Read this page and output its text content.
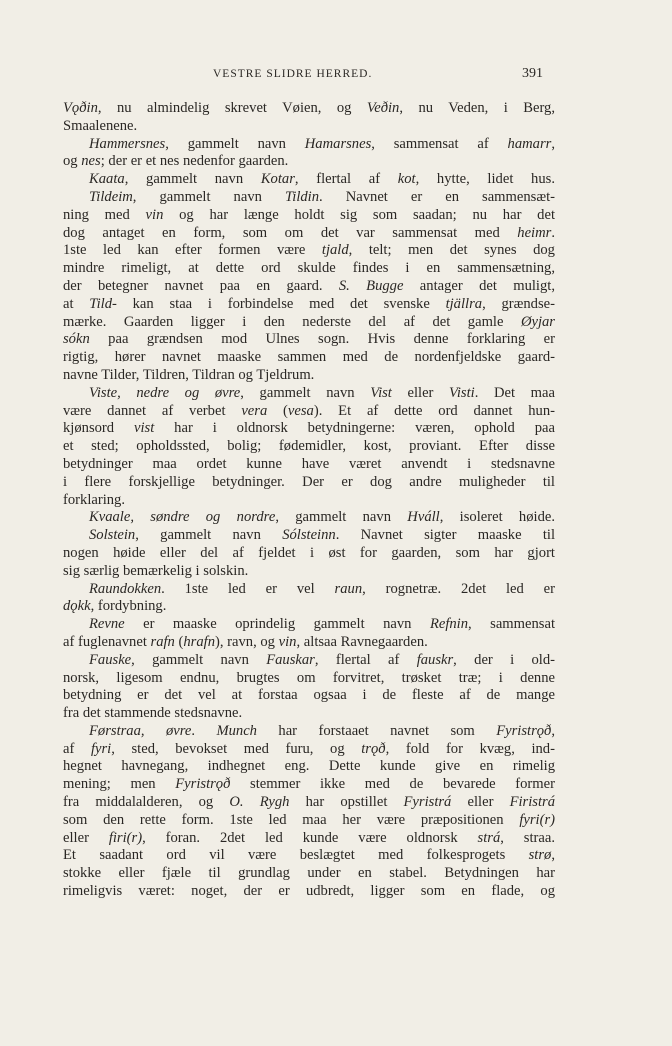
VESTRE SLIDRE HERRED.	391
Vǫðin, nu almindelig skrevet Vøien, og Veðin, nu Veden, i Berg,
Smaalenene.
Hammersnes, gammelt navn Hamarsnes, sammensat af hamarr,
og nes; der er et nes nedenfor gaarden.
Kaata, gammelt navn Kotar, flertal af kot, hytte, lidet hus.
Tildeim, gammelt navn Tildin. Navnet er en sammensæt-
ning med vin og har længe holdt sig som saadan; nu har det
dog antaget en form, som om det var sammensat med heimr.
1ste led kan efter formen være tjald, telt; men det synes dog
mindre rimeligt, at dette ord skulde findes i en sammensætning,
der betegner navnet paa en gaard. S. Bugge antager det muligt,
at Tild- kan staa i forbindelse med det svenske tjällra, grændse-
mærke. Gaarden ligger i den nederste del af det gamle Øyjar
sókn paa grændsen mod Ulnes sogn. Hvis denne forklaring er
rigtig, hører navnet maaske sammen med de nordenfjeldske gaard-
navne Tilder, Tildren, Tildran og Tjeldrum.
Viste, nedre og øvre, gammelt navn Vist eller Visti. Det maa
være dannet af verbet vera (vesa). Et af dette ord dannet hun-
kjønsord vist har i oldnorsk betydningerne: væren, ophold paa
et sted; opholdssted, bolig; fødemidler, kost, proviant. Efter disse
betydninger maa ordet kunne have været anvendt i stedsnavne
i flere forskjellige betydninger. Der er dog andre muligheder til
forklaring.
Kvaale, søndre og nordre, gammelt navn Hváll, isoleret høide.
Solstein, gammelt navn Sólsteinn. Navnet sigter maaske til
nogen høide eller del af fjeldet i øst for gaarden, som har gjort
sig særlig bemærkelig i solskin.
Raundokken. 1ste led er vel raun, rognetræ. 2det led er
dǫkk, fordybning.
Revne er maaske oprindelig gammelt navn Refnin, sammensat
af fuglenavnet rafn (hrafn), ravn, og vin, altsaa Ravnegaarden.
Fauske, gammelt navn Fauskar, flertal af fauskr, der i old-
norsk, ligesom endnu, brugtes om forvitret, trøsket træ; i denne
betydning er det vel at forstaa ogsaa i de fleste af de mange
fra det stammende stedsnavne.
Førstraa, øvre. Munch har forstaaet navnet som Fyristrǫð,
af fyri, sted, bevokset med furu, og trǫð, fold for kvæg, ind-
hegnet havnegang, indhegnet eng. Dette kunde give en rimelig
mening; men Fyristrǫð stemmer ikke med de bevarede former
fra middalalderen, og O. Rygh har opstillet Fyristrá eller Firistrá
som den rette form. 1ste led maa her være præpositionen fyri(r)
eller firi(r), foran. 2det led kunde være oldnorsk strá, straa.
Et saadant ord vil være beslægtet med folkesprogets strø,
stokke eller fjæle til grundlag under en stabel. Betydningen har
rimeligvis været: noget, der er udbredt, ligger som en flade, og
